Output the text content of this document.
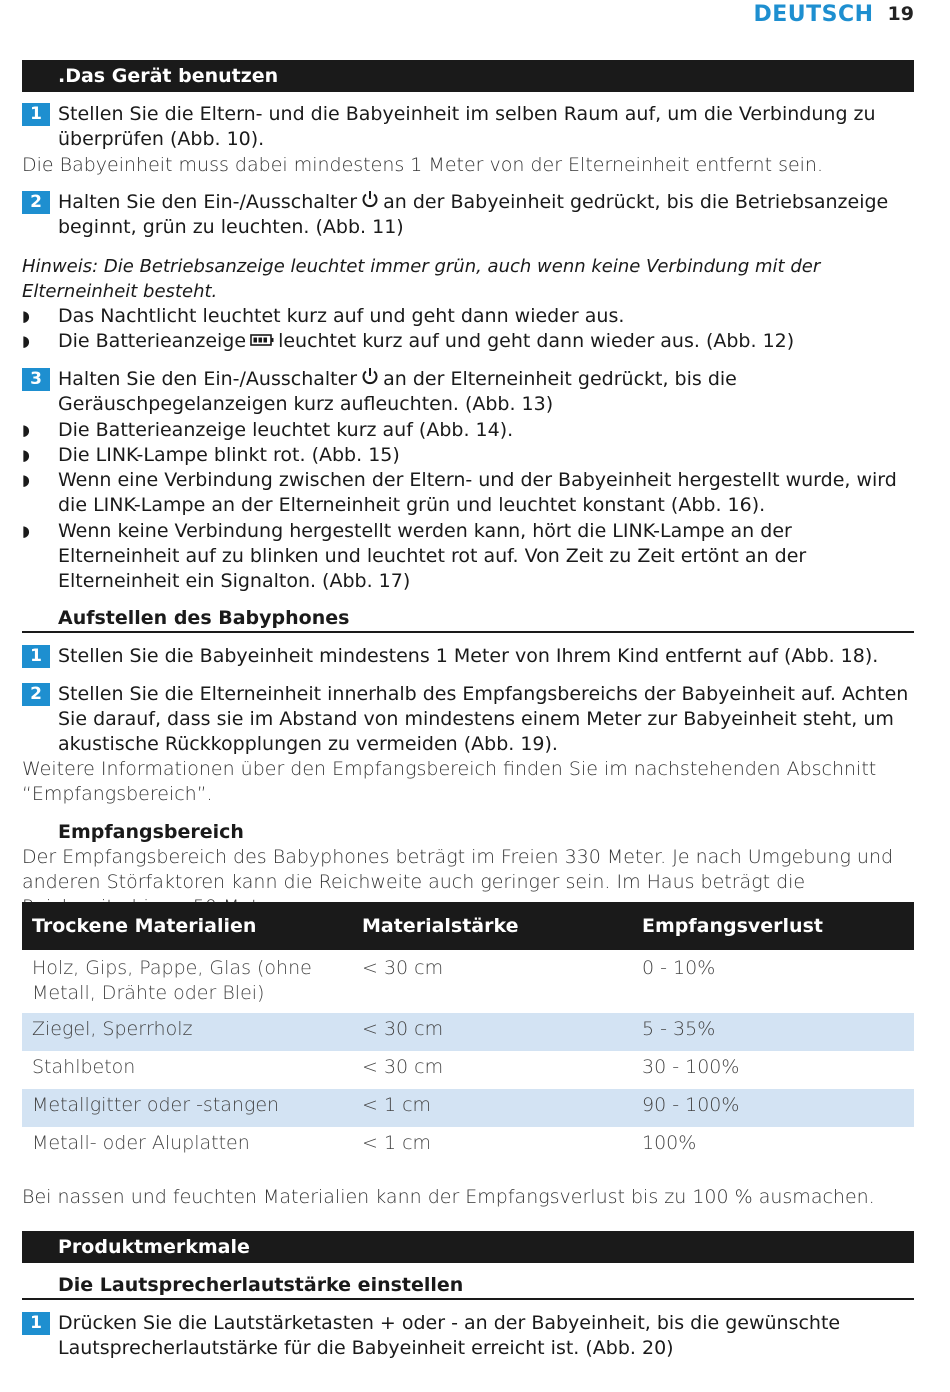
DEUTSCH 19
.Das Gerät benutzen
1 Stellen Sie die Eltern- und die Babyeinheit im selben Raum auf, um die Verbindung zu überprüfen (Abb. 10).
Die Babyeinheit muss dabei mindestens 1 Meter von der Elterneinheit entfernt sein.
2 Halten Sie den Ein-/Ausschalter an der Babyeinheit gedrückt, bis die Betriebsanzeige beginnt, grün zu leuchten. (Abb. 11)
Hinweis: Die Betriebsanzeige leuchtet immer grün, auch wenn keine Verbindung mit der Elterneinheit besteht.
◗ Das Nachtlicht leuchtet kurz auf und geht dann wieder aus.
◗ Die Batterieanzeige leuchtet kurz auf und geht dann wieder aus. (Abb. 12)
3 Halten Sie den Ein-/Ausschalter an der Elterneinheit gedrückt, bis die Geräuschpegelanzeigen kurz aufleuchten. (Abb. 13)
◗ Die Batterieanzeige leuchtet kurz auf (Abb. 14).
◗ Die LINK-Lampe blinkt rot. (Abb. 15)
◗ Wenn eine Verbindung zwischen der Eltern- und der Babyeinheit hergestellt wurde, wird die LINK-Lampe an der Elterneinheit grün und leuchtet konstant (Abb. 16).
◗ Wenn keine Verbindung hergestellt werden kann, hört die LINK-Lampe an der Elterneinheit auf zu blinken und leuchtet rot auf. Von Zeit zu Zeit ertönt an der Elterneinheit ein Signalton. (Abb. 17)
Aufstellen des Babyphones
1 Stellen Sie die Babyeinheit mindestens 1 Meter von Ihrem Kind entfernt auf (Abb. 18).
2 Stellen Sie die Elterneinheit innerhalb des Empfangsbereichs der Babyeinheit auf. Achten Sie darauf, dass sie im Abstand von mindestens einem Meter zur Babyeinheit steht, um akustische Rückkopplungen zu vermeiden (Abb. 19).
Weitere Informationen über den Empfangsbereich finden Sie im nachstehenden Abschnitt “Empfangsbereich”.
Empfangsbereich
Der Empfangsbereich des Babyphones beträgt im Freien 330 Meter. Je nach Umgebung und anderen Störfaktoren kann die Reichweite auch geringer sein. Im Haus beträgt die
Trockene Materialien	Materialstärke	Empfangsverlust
Holz, Gips, Pappe, Glas (ohne Metall, Drähte oder Blei)	< 30 cm	0 - 10%
Ziegel, Sperrholz	< 30 cm	5 - 35%
Stahlbeton	< 30 cm	30 - 100%
Metallgitter oder -stangen	< 1 cm	90 - 100%
Metall- oder Aluplatten	< 1 cm	100%
Bei nassen und feuchten Materialien kann der Empfangsverlust bis zu 100 % ausmachen.
Produktmerkmale
Die Lautsprecherlautstärke einstellen
1 Drücken Sie die Lautstärketasten + oder - an der Babyeinheit, bis die gewünschte Lautsprecherlautstärke für die Babyeinheit erreicht ist. (Abb. 20)
